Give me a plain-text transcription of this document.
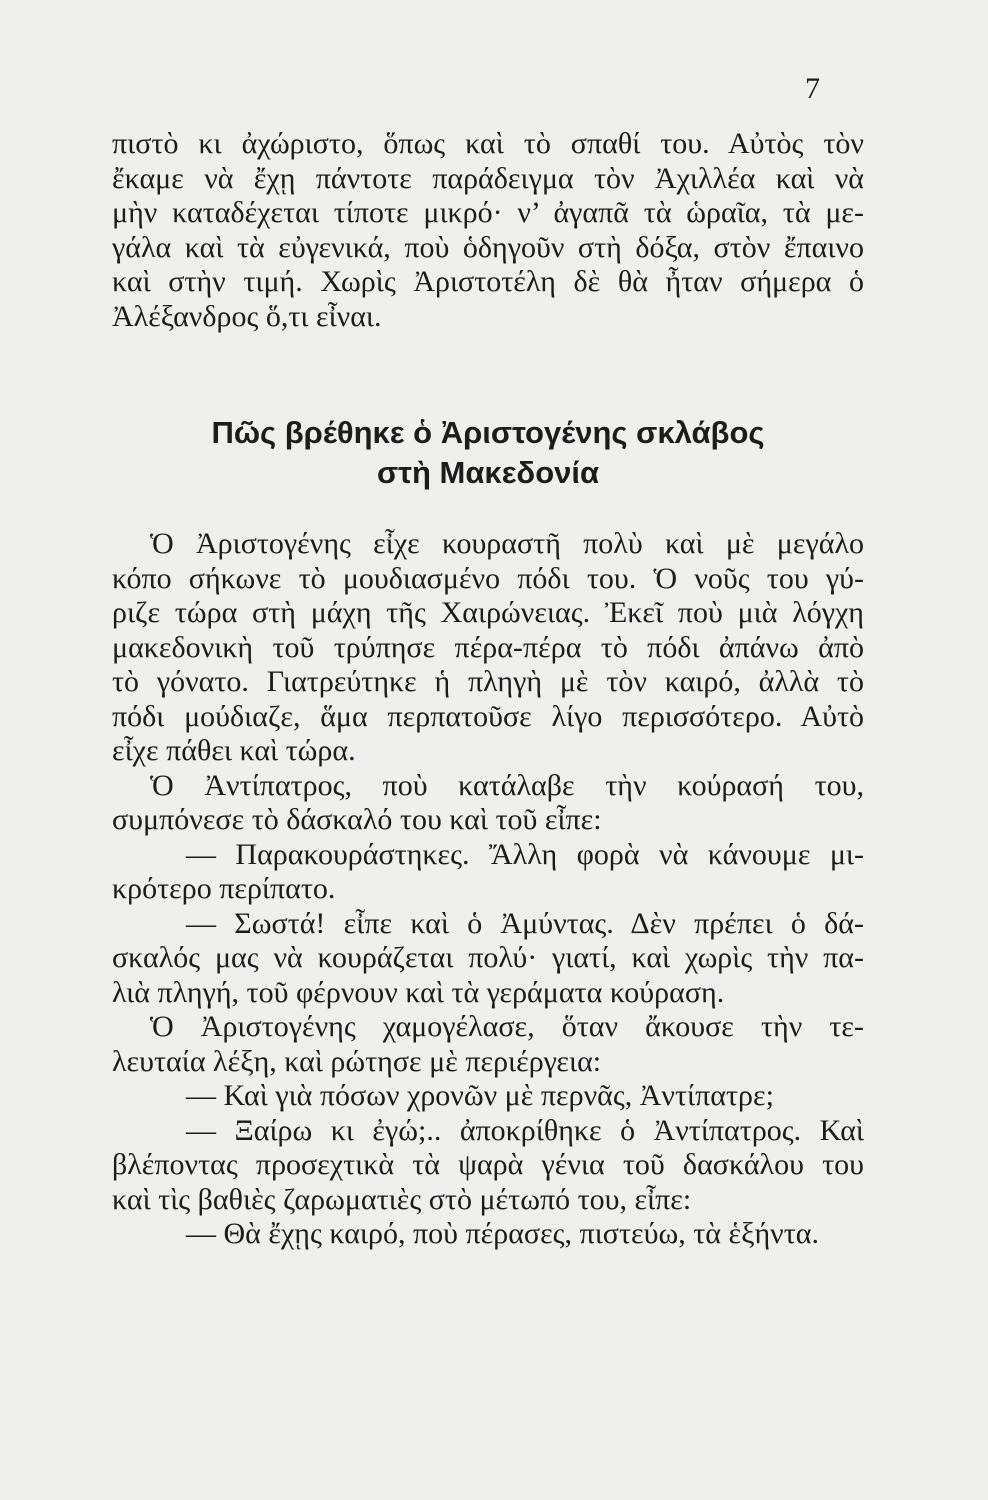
7
πιστὸ κι ἀχώριστο, ὅπως καὶ τὸ σπαθί του. Αὐτὸς τὸν
ἔκαμε νὰ ἔχῃ πάντοτε παράδειγμα τὸν Ἀχιλλέα καὶ νὰ
μὴν καταδέχεται τίποτε μικρό· ν’ ἀγαπᾶ τὰ ὡραῖα, τὰ με-
γάλα καὶ τὰ εὐγενικά, ποὺ ὁδηγοῦν στὴ δόξα, στὸν ἔπαινο
καὶ στὴν τιμή. Χωρὶς Ἀριστοτέλη δὲ θὰ ἦταν σήμερα ὁ
Ἀλέξανδρος ὅ,τι εἶναι.
Πῶς βρέθηκε ὁ Ἀριστογένης σκλάβος
στὴ Μακεδονία
Ὁ Ἀριστογένης εἶχε κουραστῆ πολὺ καὶ μὲ μεγάλο
κόπο σήκωνε τὸ μουδιασμένο πόδι του. Ὁ νοῦς του γύ-
ριζε τώρα στὴ μάχη τῆς Χαιρώνειας. Ἐκεῖ ποὺ μιὰ λόγχη
μακεδονικὴ τοῦ τρύπησε πέρα-πέρα τὸ πόδι ἀπάνω ἀπὸ
τὸ γόνατο. Γιατρεύτηκε ἡ πληγὴ μὲ τὸν καιρό, ἀλλὰ τὸ
πόδι μούδιαζε, ἅμα περπατοῦσε λίγο περισσότερο. Αὐτὸ
εἶχε πάθει καὶ τώρα.
Ὁ Ἀντίπατρος, ποὺ κατάλαβε τὴν κούρασή του,
συμπόνεσε τὸ δάσκαλό του καὶ τοῦ εἶπε:
— Παρακουράστηκες. Ἄλλη φορὰ νὰ κάνουμε μι-
κρότερο περίπατο.
— Σωστά! εἶπε καὶ ὁ Ἀμύντας. Δὲν πρέπει ὁ δά-
σκαλός μας νὰ κουράζεται πολύ· γιατί, καὶ χωρὶς τὴν πα-
λιὰ πληγή, τοῦ φέρνουν καὶ τὰ γεράματα κούραση.
Ὁ Ἀριστογένης χαμογέλασε, ὅταν ἄκουσε τὴν τε-
λευταία λέξη, καὶ ρώτησε μὲ περιέργεια:
— Καὶ γιὰ πόσων χρονῶν μὲ περνᾶς, Ἀντίπατρε;
— Ξαίρω κι ἐγώ;.. ἀποκρίθηκε ὁ Ἀντίπατρος. Καὶ
βλέποντας προσεχτικὰ τὰ ψαρὰ γένια τοῦ δασκάλου του
καὶ τὶς βαθιὲς ζαρωματιὲς στὸ μέτωπό του, εἶπε:
— Θὰ ἔχῃς καιρό, ποὺ πέρασες, πιστεύω, τὰ ἑξήντα.
